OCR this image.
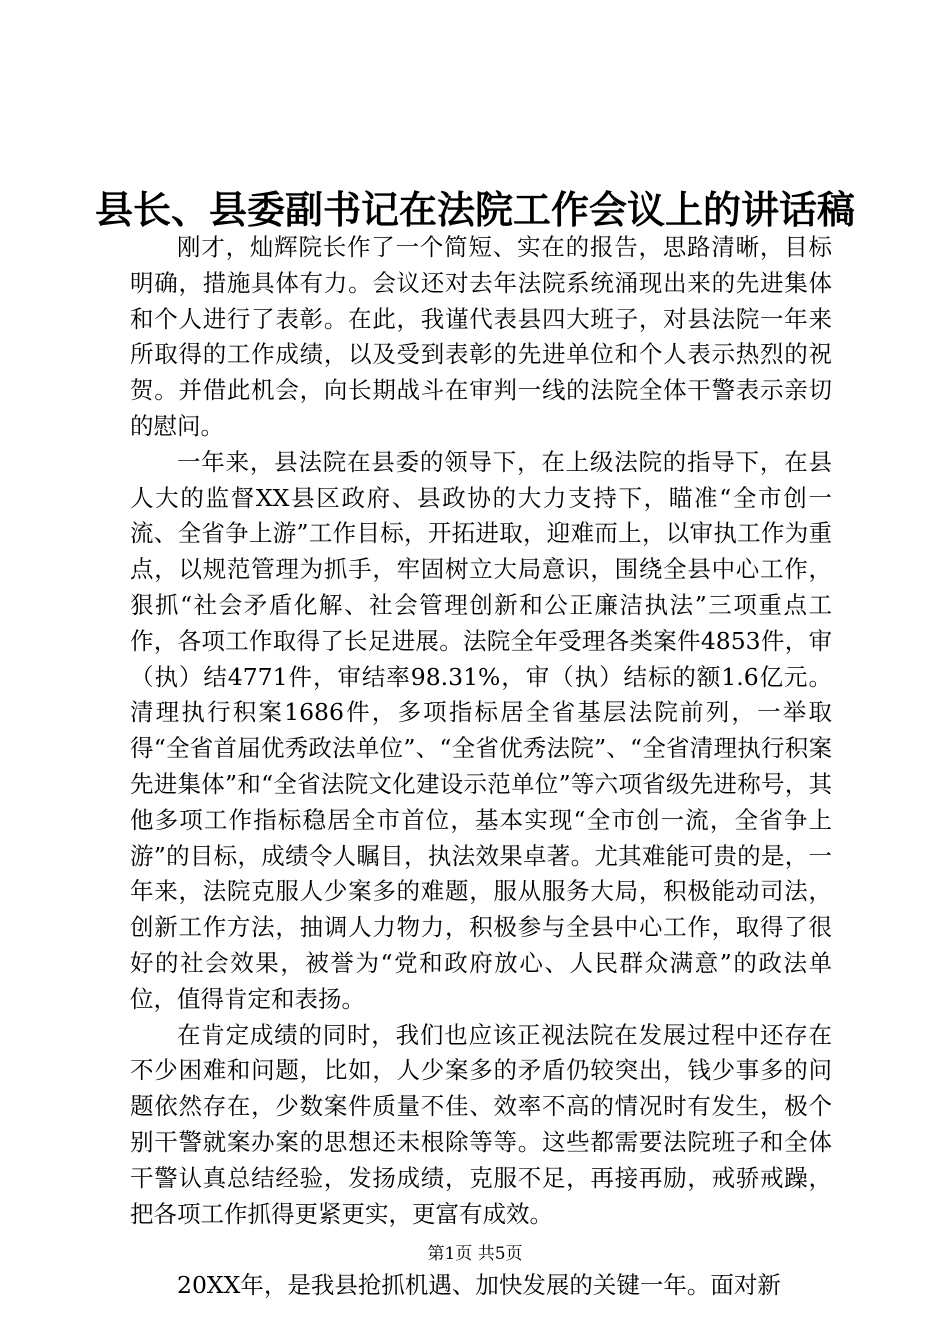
县长、县委副书记在法院工作会议上的讲话稿

刚才，灿辉院长作了一个简短、实在的报告，思路清晰，目标明确，措施具体有力。会议还对去年法院系统涌现出来的先进集体和个人进行了表彰。在此，我谨代表县四大班子，对县法院一年来所取得的工作成绩，以及受到表彰的先进单位和个人表示热烈的祝贺。并借此机会，向长期战斗在审判一线的法院全体干警表示亲切的慰问。

一年来，县法院在县委的领导下，在上级法院的指导下，在县人大的监督XX县区政府、县政协的大力支持下，瞄准“全市创一流、全省争上游”工作目标，开拓进取，迎难而上，以审执工作为重点，以规范管理为抓手，牢固树立大局意识，围绕全县中心工作，狠抓“社会矛盾化解、社会管理创新和公正廉洁执法”三项重点工作，各项工作取得了长足进展。法院全年受理各类案件4853件，审（执）结4771件，审结率98.31%，审（执）结标的额1.6亿元。清理执行积案1686件，多项指标居全省基层法院前列，一举取得“全省首届优秀政法单位”、“全省优秀法院”、“全省清理执行积案先进集体”和“全省法院文化建设示范单位”等六项省级先进称号，其他多项工作指标稳居全市首位，基本实现“全市创一流，全省争上游”的目标，成绩令人瞩目，执法效果卓著。尤其难能可贵的是，一年来，法院克服人少案多的难题，服从服务大局，积极能动司法，创新工作方法，抽调人力物力，积极参与全县中心工作，取得了很好的社会效果，被誉为“党和政府放心、人民群众满意”的政法单位，值得肯定和表扬。

在肯定成绩的同时，我们也应该正视法院在发展过程中还存在不少困难和问题，比如，人少案多的矛盾仍较突出，钱少事多的问题依然存在，少数案件质量不佳、效率不高的情况时有发生，极个别干警就案办案的思想还未根除等等。这些都需要法院班子和全体干警认真总结经验，发扬成绩，克服不足，再接再励，戒骄戒躁，把各项工作抓得更紧更实，更富有成效。

20XX年，是我县抢抓机遇、加快发展的关键一年。面对新

第1页 共5页
